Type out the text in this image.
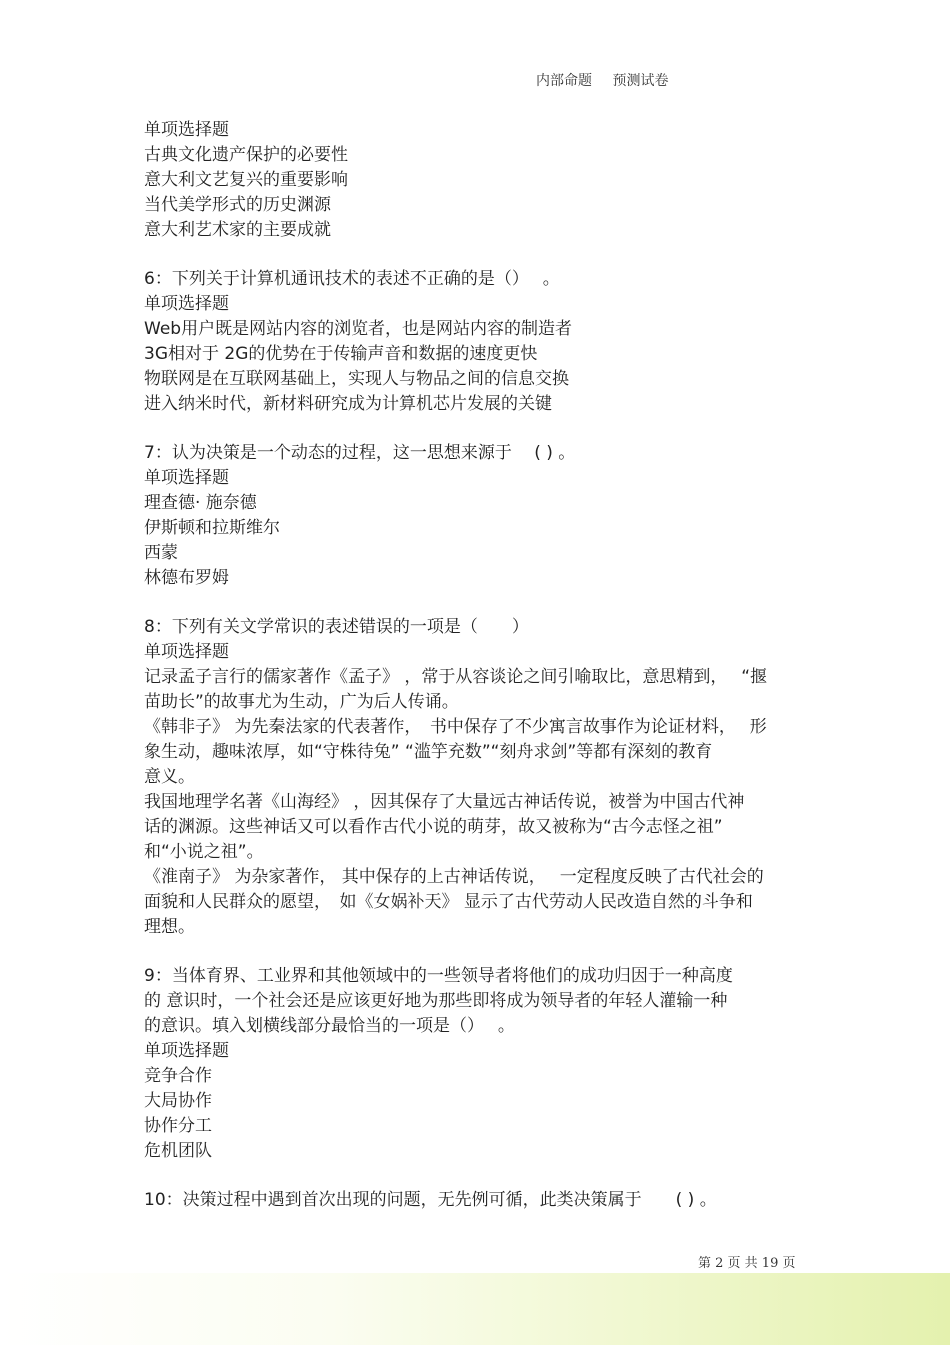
内部命题 预测试卷
单项选择题
古典文化遗产保护的必要性
意大利文艺复兴的重要影响
当代美学形式的历史渊源
意大利艺术家的主要成就
6：下列关于计算机通讯技术的表述不正确的是（）　 。
单项选择题
Web用户既是网站内容的浏览者，也是网站内容的制造者
3G相对于 2G的优势在于传输声音和数据的速度更快
物联网是在互联网基础上，实现人与物品之间的信息交换
进入纳米时代，新材料研究成为计算机芯片发展的关键
7：认为决策是一个动态的过程，这一思想来源于　 ( ) 。
单项选择题
理查德· 施奈德
伊斯顿和拉斯维尔
西蒙
林德布罗姆
8：下列有关文学常识的表述错误的一项是（　　）
单项选择题
记录孟子言行的儒家著作《孟子》 ，常于从容谈论之间引喻取比，意思精到，　 “揠
苗助长”的故事尤为生动，广为后人传诵。
《韩非子》 为先秦法家的代表著作，　书中保存了不少寓言故事作为论证材料，　 形
象生动，趣味浓厚，如“守株待兔” “滥竽充数”“刻舟求剑”等都有深刻的教育
意义。
我国地理学名著《山海经》 ，因其保存了大量远古神话传说，被誉为中国古代神
话的渊源。这些神话又可以看作古代小说的萌芽，故又被称为“古今志怪之祖”
和“小说之祖”。
《淮南子》 为杂家著作， 其中保存的上古神话传说，　 一定程度反映了古代社会的
面貌和人民群众的愿望，　如《女娲补天》 显示了古代劳动人民改造自然的斗争和
理想。
9：当体育界、工业界和其他领域中的一些领导者将他们的成功归因于一种高度
的 意识时，一个社会还是应该更好地为那些即将成为领导者的年轻人灌输一种
的意识。填入划横线部分最恰当的一项是（）　 。
单项选择题
竞争合作
大局协作
协作分工
危机团队
10：决策过程中遇到首次出现的问题，无先例可循，此类决策属于　　( ) 。
第 2 页 共 19 页
